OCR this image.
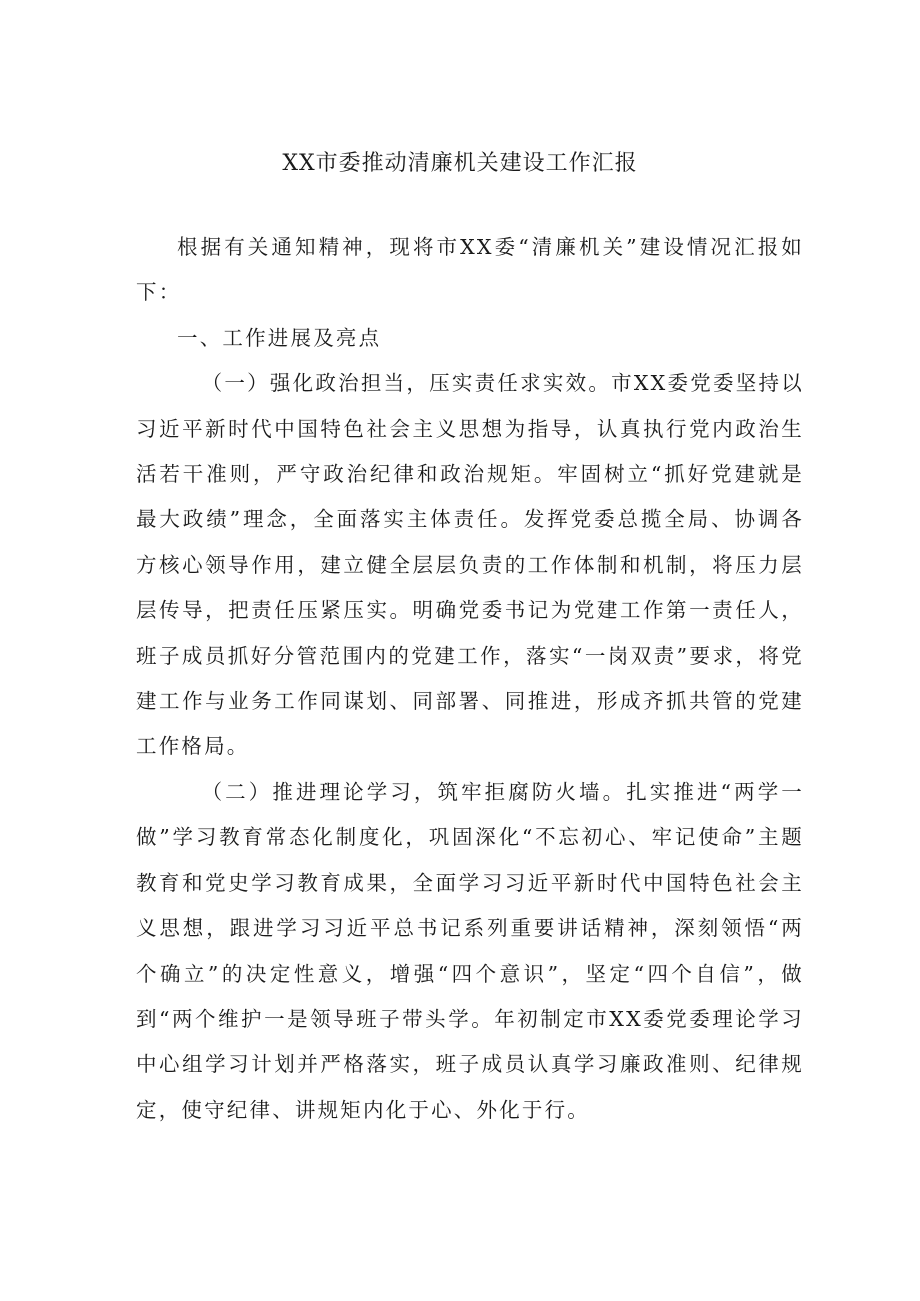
XX市委推动清廉机关建设工作汇报

根据有关通知精神，现将市XX委“清廉机关”建设情况汇报如下：

一、工作进展及亮点

（一）强化政治担当，压实责任求实效。市XX委党委坚持以习近平新时代中国特色社会主义思想为指导，认真执行党内政治生活若干准则，严守政治纪律和政治规矩。牢固树立“抓好党建就是最大政绩”理念，全面落实主体责任。发挥党委总揽全局、协调各方核心领导作用，建立健全层层负责的工作体制和机制，将压力层层传导，把责任压紧压实。明确党委书记为党建工作第一责任人，班子成员抓好分管范围内的党建工作，落实“一岗双责”要求，将党建工作与业务工作同谋划、同部署、同推进，形成齐抓共管的党建工作格局。

（二）推进理论学习，筑牢拒腐防火墙。扎实推进“两学一做”学习教育常态化制度化，巩固深化“不忘初心、牢记使命”主题教育和党史学习教育成果，全面学习习近平新时代中国特色社会主义思想，跟进学习习近平总书记系列重要讲话精神，深刻领悟“两个确立”的决定性意义，增强“四个意识”，坚定“四个自信”，做到“两个维护一是领导班子带头学。年初制定市XX委党委理论学习中心组学习计划并严格落实，班子成员认真学习廉政准则、纪律规定，使守纪律、讲规矩内化于心、外化于行。
